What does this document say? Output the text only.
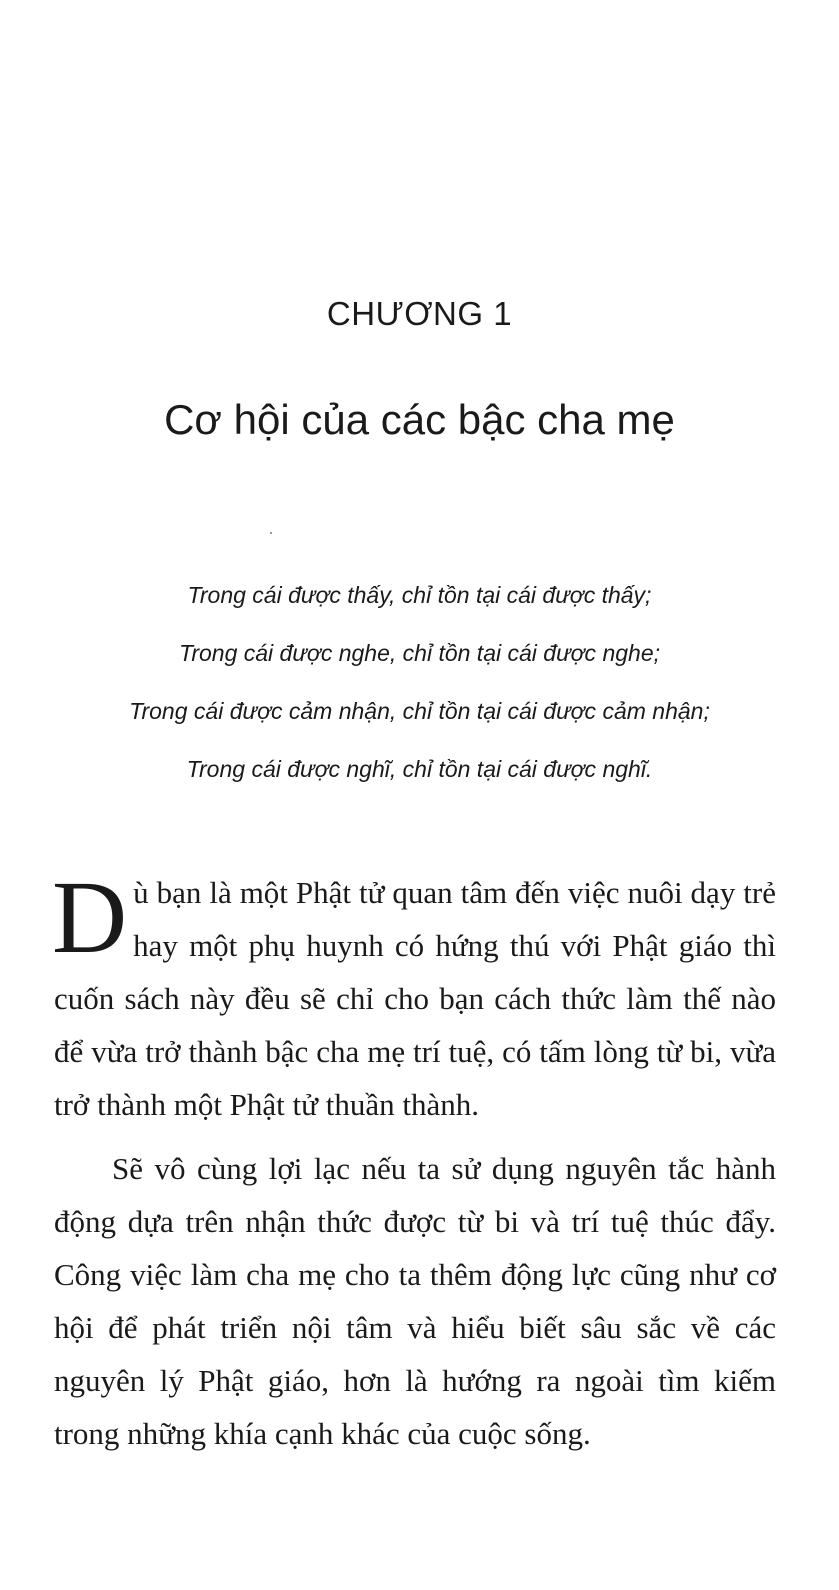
CHƯƠNG 1
Cơ hội của các bậc cha mẹ
Trong cái được thấy, chỉ tồn tại cái được thấy;
Trong cái được nghe, chỉ tồn tại cái được nghe;
Trong cái được cảm nhận, chỉ tồn tại cái được cảm nhận;
Trong cái được nghĩ, chỉ tồn tại cái được nghĩ.

Dù bạn là một Phật tử quan tâm đến việc nuôi dạy trẻ hay một phụ huynh có hứng thú với Phật giáo thì cuốn sách này đều sẽ chỉ cho bạn cách thức làm thế nào để vừa trở thành bậc cha mẹ trí tuệ, có tấm lòng từ bi, vừa trở thành một Phật tử thuần thành.

Sẽ vô cùng lợi lạc nếu ta sử dụng nguyên tắc hành động dựa trên nhận thức được từ bi và trí tuệ thúc đẩy. Công việc làm cha mẹ cho ta thêm động lực cũng như cơ hội để phát triển nội tâm và hiểu biết sâu sắc về các nguyên lý Phật giáo, hơn là hướng ra ngoài tìm kiếm trong những khía cạnh khác của cuộc sống.
